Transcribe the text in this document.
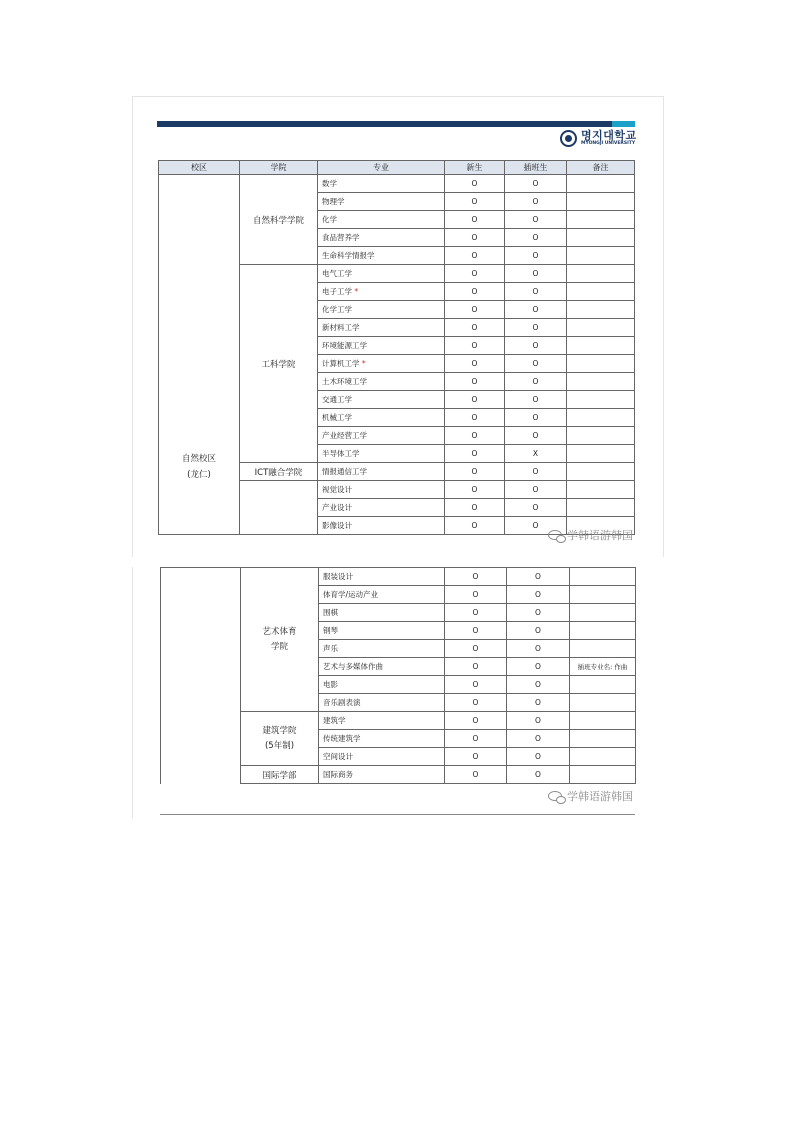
명지대학교
MYONGJI UNIVERSITY
校区	学院	专业	新生	插班生	备注

自然校区
(龙仁)	自然科学学院	数学	O	O	
		物理学	O	O	
		化学	O	O	
		食品营养学	O	O	
		生命科学情报学	O	O	
	工科学院	电气工学	O	O	
		电子工学 *	O	O	
		化学工学	O	O	
		新材料工学	O	O	
		环境能源工学	O	O	
		计算机工学 *	O	O	
		土木环境工学	O	O	
		交通工学	O	O	
		机械工学	O	O	
		产业经营工学	O	O	
		半导体工学	O	X	
	ICT融合学院	情报通信工学	O	O	
		视觉设计	O	O	
		产业设计	O	O	
		影像设计	O	O	
	艺术体育
学院	服装设计	O	O	
		体育学/运动产业	O	O	
		围棋	O	O	
		钢琴	O	O	
		声乐	O	O	
		艺术与多媒体作曲	O	O	插班专业名: 作曲
		电影	O	O	
		音乐剧表演	O	O	
	建筑学院
(5年制)	建筑学	O	O	
		传统建筑学	O	O	
		空间设计	O	O	
	国际学部	国际商务	O	O	
学韩语游韩国
学韩语游韩国
